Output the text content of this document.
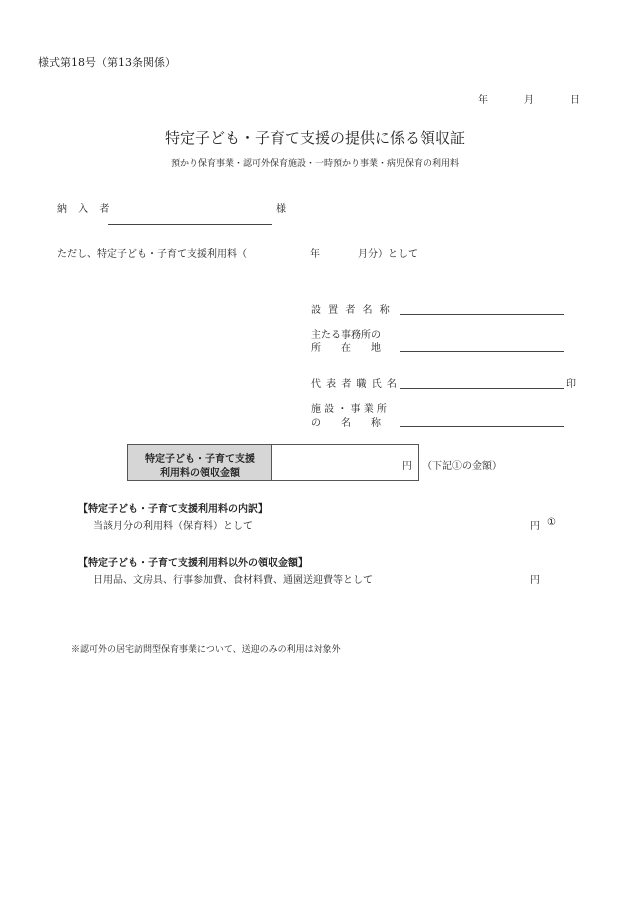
様式第18号（第13条関係）
年	月	日
特定子ども・子育て支援の提供に係る領収証
預かり保育事業・認可外保育施設・一時預かり事業・病児保育の利用料
納 入 者	様
ただし、特定子ども・子育て支援利用料（	年	月分）として
設 置 者 名 称
主たる事務所の
所　　在　　地
代 表 者 職 氏 名	印
施 設 ・ 事 業 所
の　　名　　称
特定子ども・子育て支援
利用料の領収金額
円 （下記①の金額）
【特定子ども・子育て支援利用料の内訳】
当該月分の利用料（保育料）として	円 ①
【特定子ども・子育て支援利用料以外の領収金額】
日用品、文房具、行事参加費、食材料費、通園送迎費等として	円
※認可外の居宅訪問型保育事業について、送迎のみの利用は対象外
